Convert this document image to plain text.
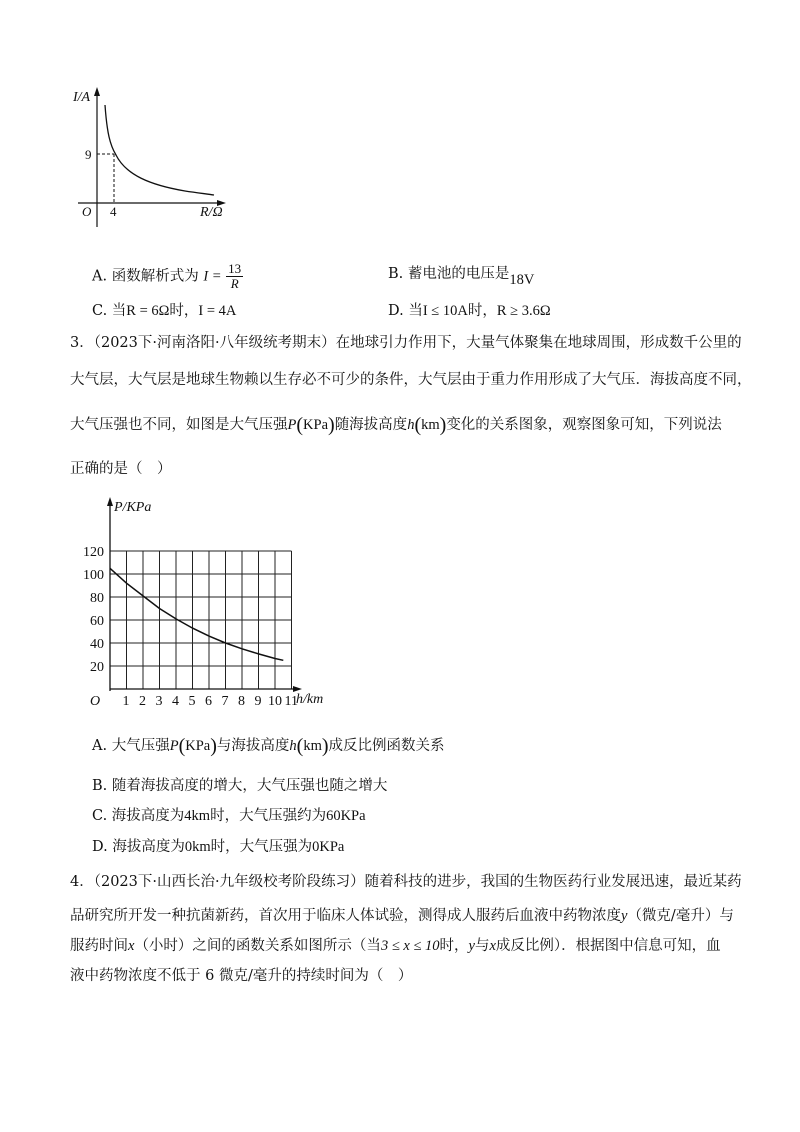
I/A
9
O 4	R/Ω
A. 函数解析式为 $I = \frac{13}{R}$	B. 蓄电池的电压是18V
C. 当R = 6Ω时，I = 4A	D. 当I ≤ 10A时，R ≥ 3.6Ω
3．（2023下·河南洛阳·八年级统考期末）在地球引力作用下，大量气体聚集在地球周围，形成数千公里的
大气层，大气层是地球生物赖以生存必不可少的条件，大气层由于重力作用形成了大气压．海拔高度不同，
大气压强也不同，如图是大气压强P(KPa)随海拔高度h(km)变化的关系图象，观察图象可知，下列说法
正确的是（　）
20
40
60
80
100
120
1 2 3 4 5 6 7 8 9 10 11
O
P/KPa
h/km
A. 大气压强P(KPa)与海拔高度h(km)成反比例函数关系
B. 随着海拔高度的增大，大气压强也随之增大
C. 海拔高度为4km时，大气压强约为60KPa
D. 海拔高度为0km时，大气压强为0KPa
4．（2023下·山西长治·九年级校考阶段练习）随着科技的进步，我国的生物医药行业发展迅速，最近某药
品研究所开发一种抗菌新药，首次用于临床人体试验，测得成人服药后血液中药物浓度y（微克/毫升）与
服药时间x（小时）之间的函数关系如图所示（当3 ≤ x ≤ 10时，y与x成反比例）．根据图中信息可知，血
液中药物浓度不低于 6 微克/毫升的持续时间为（　）
